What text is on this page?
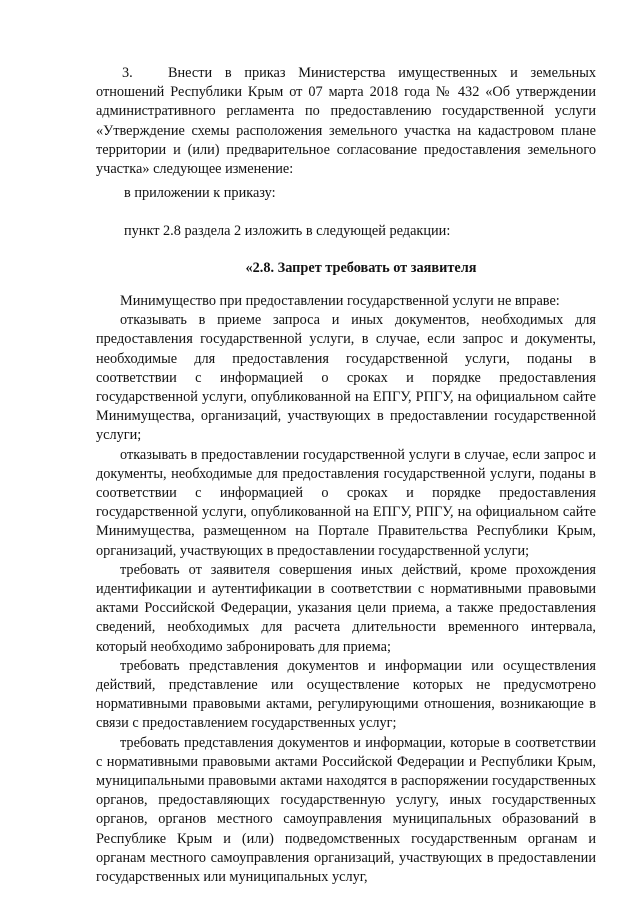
3. Внести в приказ Министерства имущественных и земельных отношений Республики Крым от 07 марта 2018 года № 432 «Об утверждении административного регламента по предоставлению государственной услуги «Утверждение схемы расположения земельного участка на кадастровом плане территории и (или) предварительное согласование предоставления земельного участка» следующее изменение:
в приложении к приказу:
пункт 2.8 раздела 2 изложить в следующей редакции:
«2.8. Запрет требовать от заявителя

Минимущество при предоставлении государственной услуги не вправе:

отказывать в приеме запроса и иных документов, необходимых для предоставления государственной услуги, в случае, если запрос и документы, необходимые для предоставления государственной услуги, поданы в соответствии с информацией о сроках и порядке предоставления государственной услуги, опубликованной на ЕПГУ, РПГУ, на официальном сайте Минимущества, организаций, участвующих в предоставлении государственной услуги;

отказывать в предоставлении государственной услуги в случае, если запрос и документы, необходимые для предоставления государственной услуги, поданы в соответствии с информацией о сроках и порядке предоставления государственной услуги, опубликованной на ЕПГУ, РПГУ, на официальном сайте Минимущества, размещенном на Портале Правительства Республики Крым, организаций, участвующих в предоставлении государственной услуги;

требовать от заявителя совершения иных действий, кроме прохождения идентификации и аутентификации в соответствии с нормативными правовыми актами Российской Федерации, указания цели приема, а также предоставления сведений, необходимых для расчета длительности временного интервала, который необходимо забронировать для приема;

требовать представления документов и информации или осуществления действий, представление или осуществление которых не предусмотрено нормативными правовыми актами, регулирующими отношения, возникающие в связи с предоставлением государственных услуг;

требовать представления документов и информации, которые в соответствии с нормативными правовыми актами Российской Федерации и Республики Крым, муниципальными правовыми актами находятся в распоряжении государственных органов, предоставляющих государственную услугу, иных государственных органов, органов местного самоуправления муниципальных образований в Республике Крым и (или) подведомственных государственным органам и органам местного самоуправления организаций, участвующих в предоставлении государственных или муниципальных услуг,
